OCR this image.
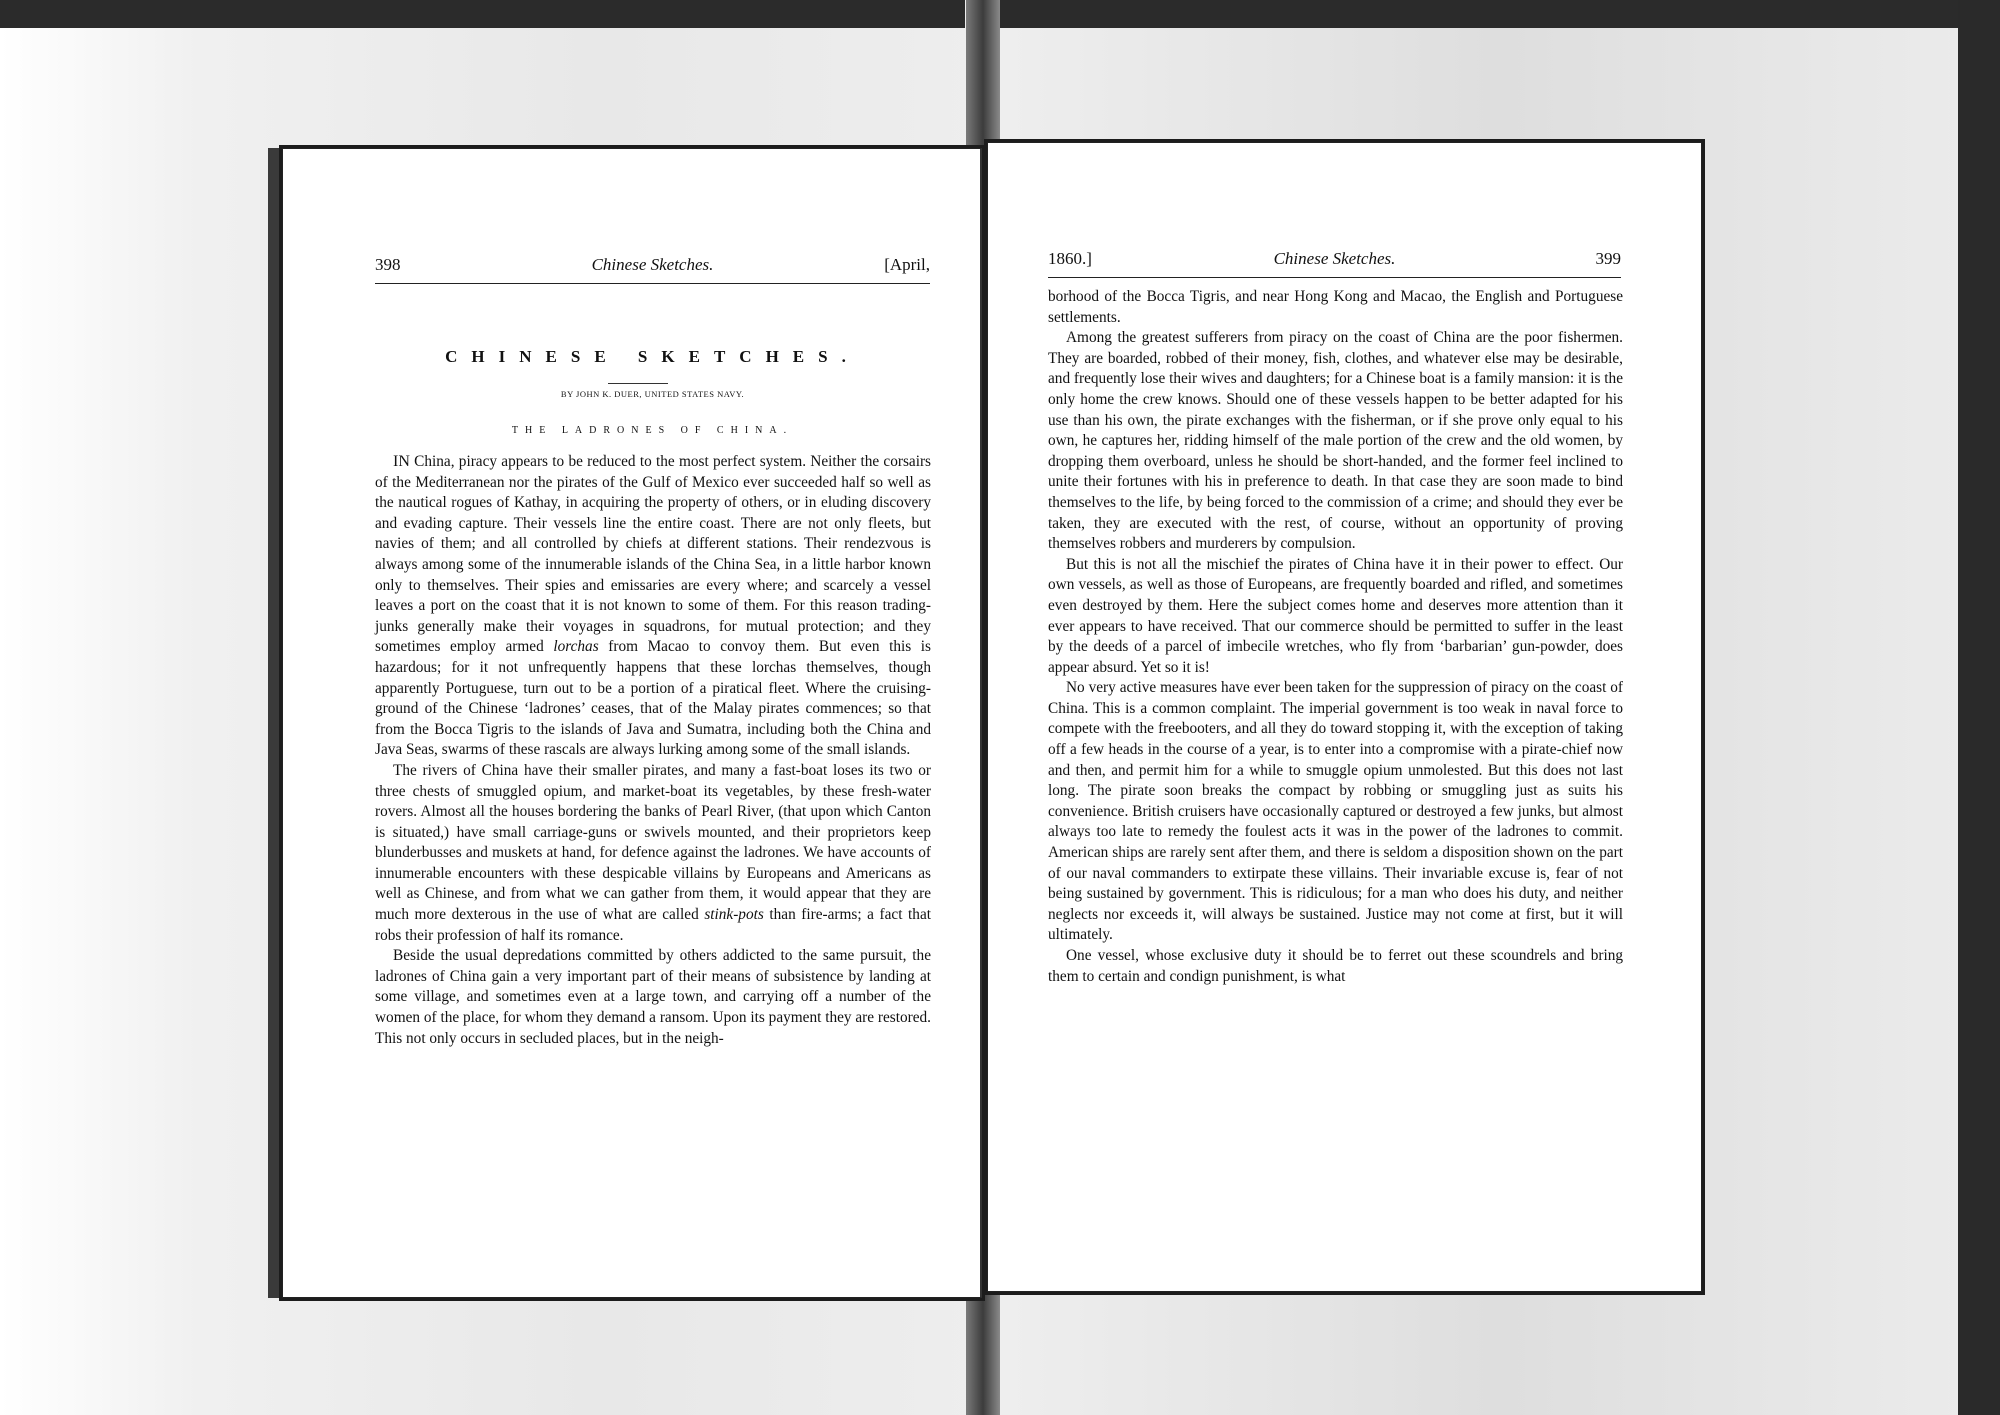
398	Chinese Sketches.	[April,
CHINESE SKETCHES.
BY JOHN K. DUER, UNITED STATES NAVY.
THE LADRONES OF CHINA.

IN China, piracy appears to be reduced to the most perfect system. Neither the corsairs of the Mediterranean nor the pirates of the Gulf of Mexico ever succeeded half so well as the nautical rogues of Kathay, in acquiring the property of others, or in eluding discovery and evading capture. Their vessels line the entire coast. There are not only fleets, but navies of them; and all controlled by chiefs at different stations. Their rendezvous is always among some of the innumerable islands of the China Sea, in a little harbor known only to themselves. Their spies and emissaries are every where; and scarcely a vessel leaves a port on the coast that it is not known to some of them. For this reason trading-junks generally make their voyages in squadrons, for mutual protection; and they sometimes employ armed lorchas from Macao to convoy them. But even this is hazardous; for it not unfrequently happens that these lorchas themselves, though apparently Portuguese, turn out to be a portion of a piratical fleet. Where the cruising-ground of the Chinese ‘ladrones’ ceases, that of the Malay pirates commences; so that from the Bocca Tigris to the islands of Java and Sumatra, including both the China and Java Seas, swarms of these rascals are always lurking among some of the small islands.

The rivers of China have their smaller pirates, and many a fast-boat loses its two or three chests of smuggled opium, and market-boat its vegetables, by these fresh-water rovers. Almost all the houses bordering the banks of Pearl River, (that upon which Canton is situated,) have small carriage-guns or swivels mounted, and their proprietors keep blunderbusses and muskets at hand, for defence against the ladrones. We have accounts of innumerable encounters with these despicable villains by Europeans and Americans as well as Chinese, and from what we can gather from them, it would appear that they are much more dexterous in the use of what are called stink-pots than fire-arms; a fact that robs their profession of half its romance.

Beside the usual depredations committed by others addicted to the same pursuit, the ladrones of China gain a very important part of their means of subsistence by landing at some village, and sometimes even at a large town, and carrying off a number of the women of the place, for whom they demand a ransom. Upon its payment they are restored. This not only occurs in secluded places, but in the neigh-

1860.]	Chinese Sketches.	399

borhood of the Bocca Tigris, and near Hong Kong and Macao, the English and Portuguese settlements.

Among the greatest sufferers from piracy on the coast of China are the poor fishermen. They are boarded, robbed of their money, fish, clothes, and whatever else may be desirable, and frequently lose their wives and daughters; for a Chinese boat is a family mansion: it is the only home the crew knows. Should one of these vessels happen to be better adapted for his use than his own, the pirate exchanges with the fisherman, or if she prove only equal to his own, he captures her, ridding himself of the male portion of the crew and the old women, by dropping them overboard, unless he should be short-handed, and the former feel inclined to unite their fortunes with his in preference to death. In that case they are soon made to bind themselves to the life, by being forced to the commission of a crime; and should they ever be taken, they are executed with the rest, of course, without an opportunity of proving themselves robbers and murderers by compulsion.

But this is not all the mischief the pirates of China have it in their power to effect. Our own vessels, as well as those of Europeans, are frequently boarded and rifled, and sometimes even destroyed by them. Here the subject comes home and deserves more attention than it ever appears to have received. That our commerce should be permitted to suffer in the least by the deeds of a parcel of imbecile wretches, who fly from ‘barbarian’ gun-powder, does appear absurd. Yet so it is!

No very active measures have ever been taken for the suppression of piracy on the coast of China. This is a common complaint. The imperial government is too weak in naval force to compete with the freebooters, and all they do toward stopping it, with the exception of taking off a few heads in the course of a year, is to enter into a compromise with a pirate-chief now and then, and permit him for a while to smuggle opium unmolested. But this does not last long. The pirate soon breaks the compact by robbing or smuggling just as suits his convenience. British cruisers have occasionally captured or destroyed a few junks, but almost always too late to remedy the foulest acts it was in the power of the ladrones to commit. American ships are rarely sent after them, and there is seldom a disposition shown on the part of our naval commanders to extirpate these villains. Their invariable excuse is, fear of not being sustained by government. This is ridiculous; for a man who does his duty, and neither neglects nor exceeds it, will always be sustained. Justice may not come at first, but it will ultimately.

One vessel, whose exclusive duty it should be to ferret out these scoundrels and bring them to certain and condign punishment, is what
